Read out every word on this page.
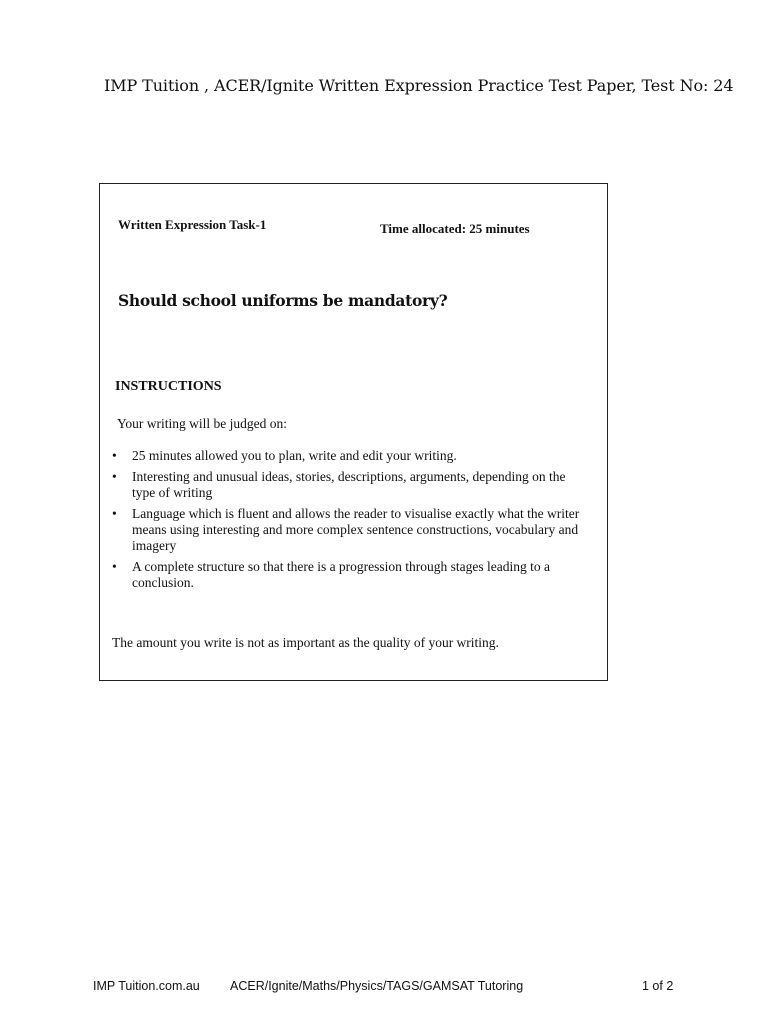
IMP Tuition , ACER/Ignite Written Expression Practice Test Paper, Test No: 24
Written Expression Task-1	Time allocated: 25 minutes
Should school uniforms be mandatory?
INSTRUCTIONS
Your writing will be judged on:
• 25 minutes allowed you to plan, write and edit your writing.
• Interesting and unusual ideas, stories, descriptions, arguments, depending on the type of writing
• Language which is fluent and allows the reader to visualise exactly what the writer means using interesting and more complex sentence constructions, vocabulary and imagery
• A complete structure so that there is a progression through stages leading to a conclusion.
The amount you write is not as important as the quality of your writing.
IMP Tuition.com.au ACER/Ignite/Maths/Physics/TAGS/GAMSAT Tutoring	1 of 2
